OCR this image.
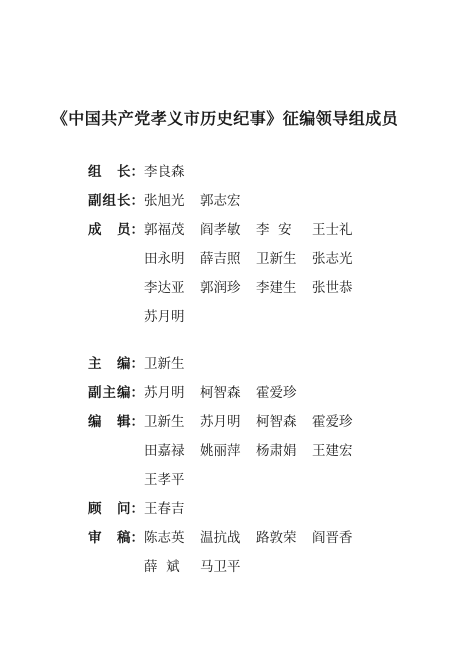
《中国共产党孝义市历史纪事》征编领导组成员
组 长 ： 李良森
副 组 长 ： 张旭光	郭志宏
成 员 ： 郭福茂	阎孝敏	李  安	王士礼
田永明	薛吉照	卫新生	张志光
李达亚	郭润珍	李建生	张世恭
苏月明
主 编 ： 卫新生
副 主 编 ： 苏月明	柯智森	霍爱珍
编 辑 ： 卫新生	苏月明	柯智森	霍爱珍
田嘉禄	姚丽萍	杨肃娟	王建宏
王孝平
顾 问 ： 王春吉
审 稿 ： 陈志英	温抗战	路敦荣	阎晋香
薛  斌	马卫平
